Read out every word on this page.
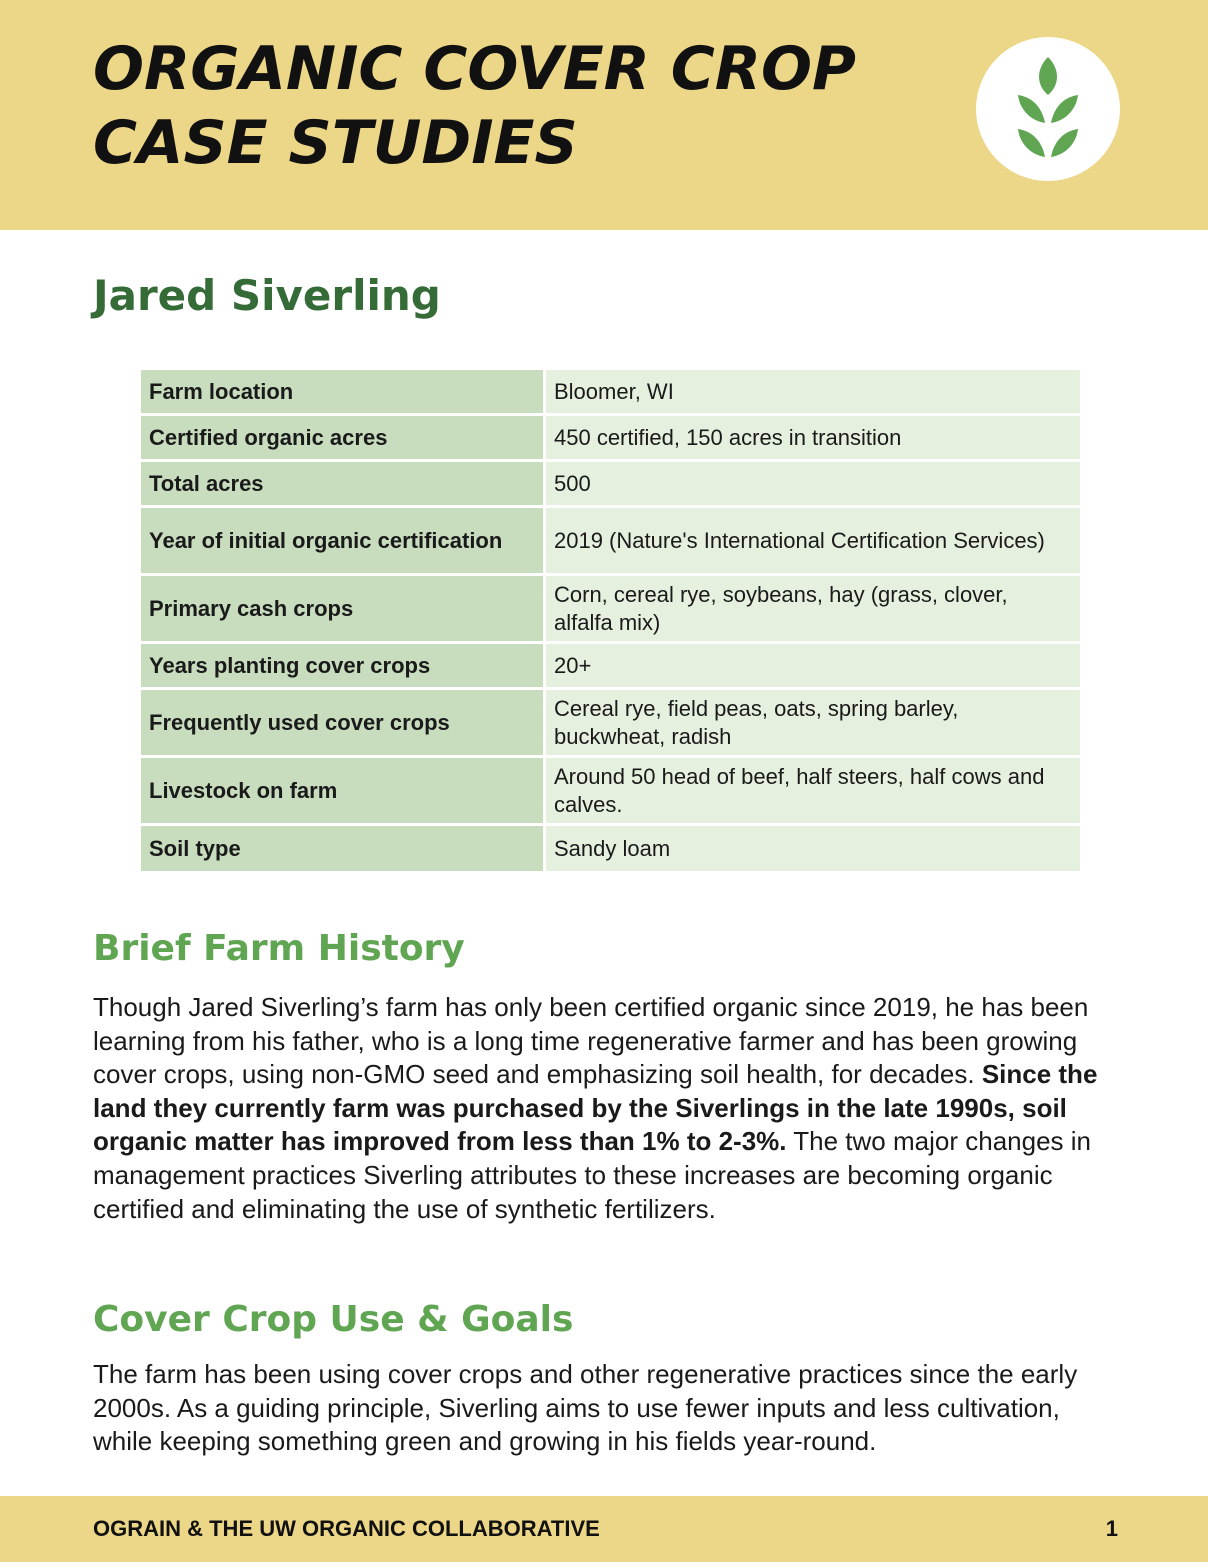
ORGANIC COVER CROP
CASE STUDIES
Jared Siverling
Farm location	Bloomer, WI
Certified organic acres	450 certified, 150 acres in transition
Total acres	500
Year of initial organic certification	2019 (Nature's International Certification Services)
Primary cash crops	Corn, cereal rye, soybeans, hay (grass, clover, alfalfa mix)
Years planting cover crops	20+
Frequently used cover crops	Cereal rye, field peas, oats, spring barley, buckwheat, radish
Livestock on farm	Around 50 head of beef, half steers, half cows and calves.
Soil type	Sandy loam
Brief Farm History

Though Jared Siverling’s farm has only been certified organic since 2019, he has been learning from his father, who is a long time regenerative farmer and has been growing cover crops, using non-GMO seed and emphasizing soil health, for decades. Since the land they currently farm was purchased by the Siverlings in the late 1990s, soil organic matter has improved from less than 1% to 2-3%. The two major changes in management practices Siverling attributes to these increases are becoming organic certified and eliminating the use of synthetic fertilizers.

Cover Crop Use & Goals

The farm has been using cover crops and other regenerative practices since the early 2000s. As a guiding principle, Siverling aims to use fewer inputs and less cultivation, while keeping something green and growing in his fields year-round.

OGRAIN & THE UW ORGANIC COLLABORATIVE	1
